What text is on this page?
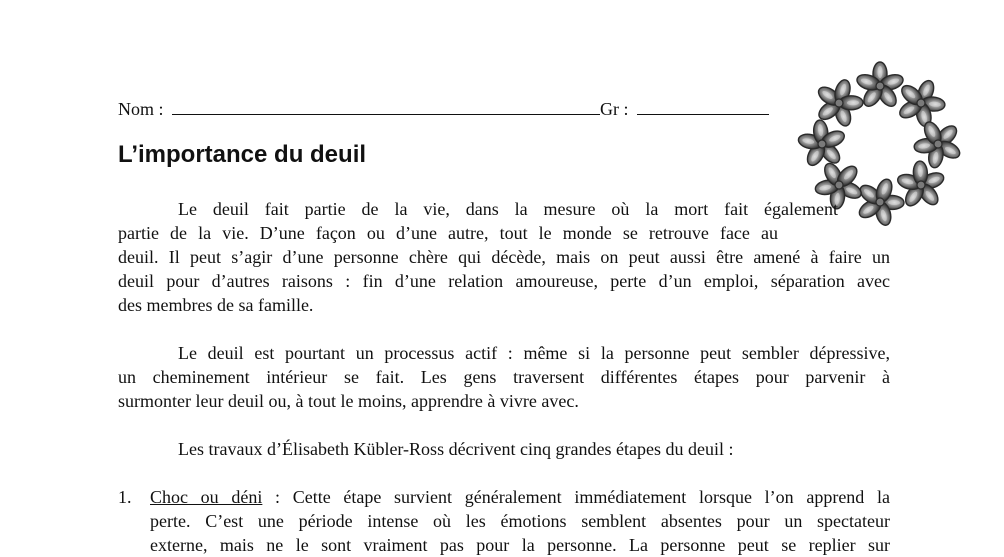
Nom :	Gr :
L’importance du deuil

Le deuil fait partie de la vie, dans la mesure où la mort fait également
partie de la vie. D’une façon ou d’une autre, tout le monde se retrouve face au
deuil. Il peut s’agir d’une personne chère qui décède, mais on peut aussi être amené à faire un
deuil pour d’autres raisons : fin d’une relation amoureuse, perte d’un emploi, séparation avec
des membres de sa famille.

Le deuil est pourtant un processus actif : même si la personne peut sembler dépressive,
un cheminement intérieur se fait. Les gens traversent différentes étapes pour parvenir à
surmonter leur deuil ou, à tout le moins, apprendre à vivre avec.

Les travaux d’Élisabeth Kübler-Ross décrivent cinq grandes étapes du deuil :

1. Choc ou déni : Cette étape survient généralement immédiatement lorsque l’on apprend la
perte. C’est une période intense où les émotions semblent absentes pour un spectateur
externe, mais ne le sont vraiment pas pour la personne. La personne peut se replier sur
